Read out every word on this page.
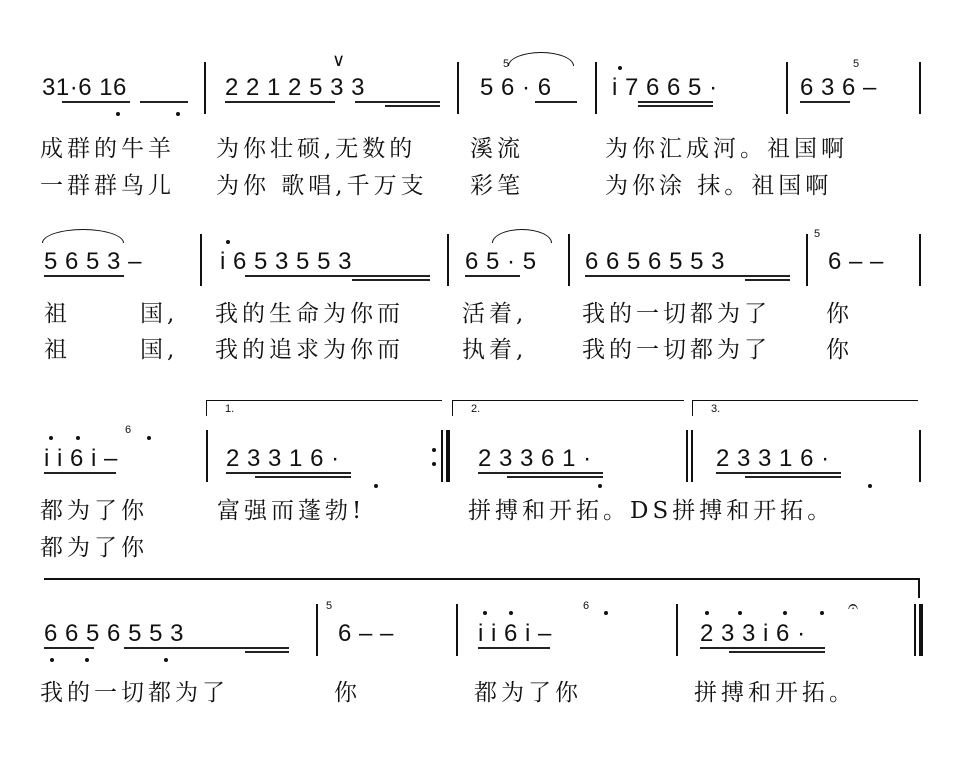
∨	5	5
31·6 16	2 2 1 2 5 3 3	5 6 · 6	i 7 6 6 5 ·	6 3 6 –
成群的牛羊 为你壮硕,无数的 溪流	为你汇成河。祖国啊
一群群鸟儿 为你 歌唱,千万支 彩笔	为你涂 抹。祖国啊
5
5 6 5 3 –	i 6 5 3 5 5 3	6 5 · 5 6 6 5 6 5 5 3	6 – –
祖	国, 我的生命为你而	活着, 我的一切都为了 你
祖	国, 我的追求为你而	执着, 我的一切都为了 你
1.	2.	3.
6
i i 6 i –	2 3 3 1 6 ·	2 3 3 6 1 ·	2 3 3 1 6 ·
都为了你	富强而蓬勃!	拼搏和开拓。DS拼搏和开拓。
都为了你
5	6	𝄐
6 6 5 6 5 5 3	6 – –	i i 6 i –	2 3 3 i 6 ·
我的一切都为了	你	都为了你	拼搏和开拓。
